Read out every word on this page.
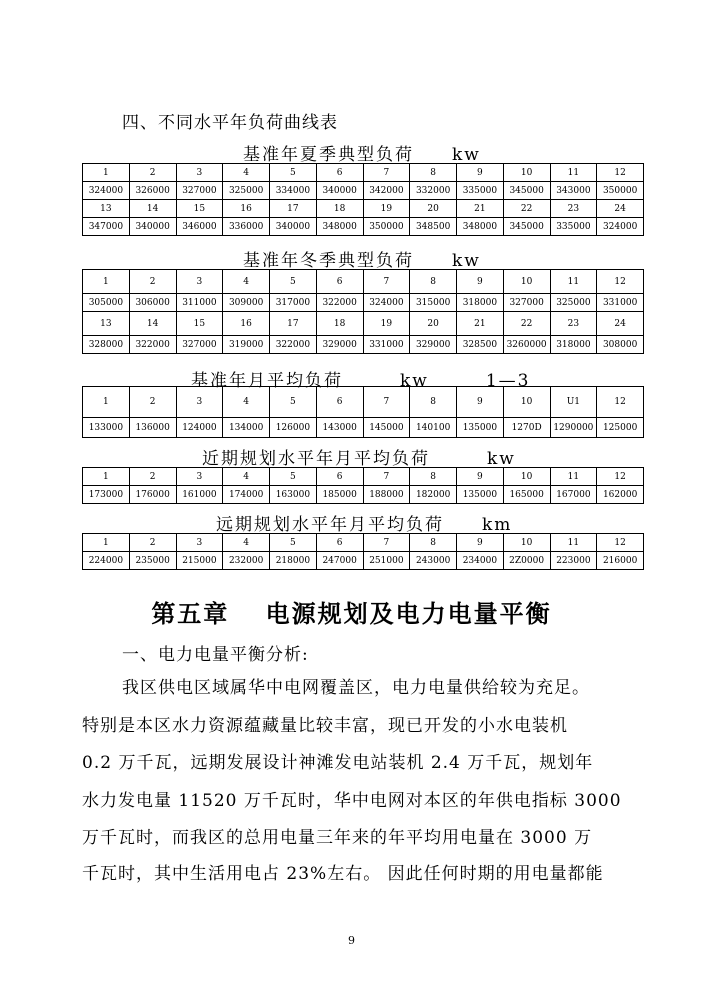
四、不同水平年负荷曲线表
基准年夏季典型负荷　　kw
1	2	3	4	5	6	7	8	9	10	11	12
324000	326000	327000	325000	334000	340000	342000	332000	335000	345000	343000	350000
13	14	15	16	17	18	19	20	21	22	23	24
347000	340000	346000	336000	340000	348000	350000	348500	348000	345000	335000	324000
基准年冬季典型负荷　　kw
1	2	3	4	5	6	7	8	9	10	11	12
305000	306000	311000	309000	317000	322000	324000	315000	318000	327000	325000	331000
13	14	15	16	17	18	19	20	21	22	23	24
328000	322000	327000	319000	322000	329000	331000	329000	328500	3260000	318000	308000
基准年月平均负荷　　　kw　　　1—3
1	2	3	4	5	6	7	8	9	10	U1	12
133000	136000	124000	134000	126000	143000	145000	140100	135000	1270D	1290000	125000
近期规划水平年月平均负荷　　　kw
1	2	3	4	5	6	7	8	9	10	11	12
173000	176000	161000	174000	163000	185000	188000	182000	135000	165000	167000	162000
远期规划水平年月平均负荷　　km
1	2	3	4	5	6	7	8	9	10	11	12
224000	235000	215000	232000	218000	247000	251000	243000	234000	2Z0000	223000	216000
第五章　 电源规划及电力电量平衡
一、电力电量平衡分析:
我区供电区域属华中电网覆盖区，电力电量供给较为充足。
特别是本区水力资源蕴藏量比较丰富，现已开发的小水电装机
0.2 万千瓦，远期发展设计神滩发电站装机 2.4 万千瓦，规划年
水力发电量 11520 万千瓦时，华中电网对本区的年供电指标 3000
万千瓦时，而我区的总用电量三年来的年平均用电量在 3000 万
千瓦时，其中生活用电占 23%左右。 因此任何时期的用电量都能
9
